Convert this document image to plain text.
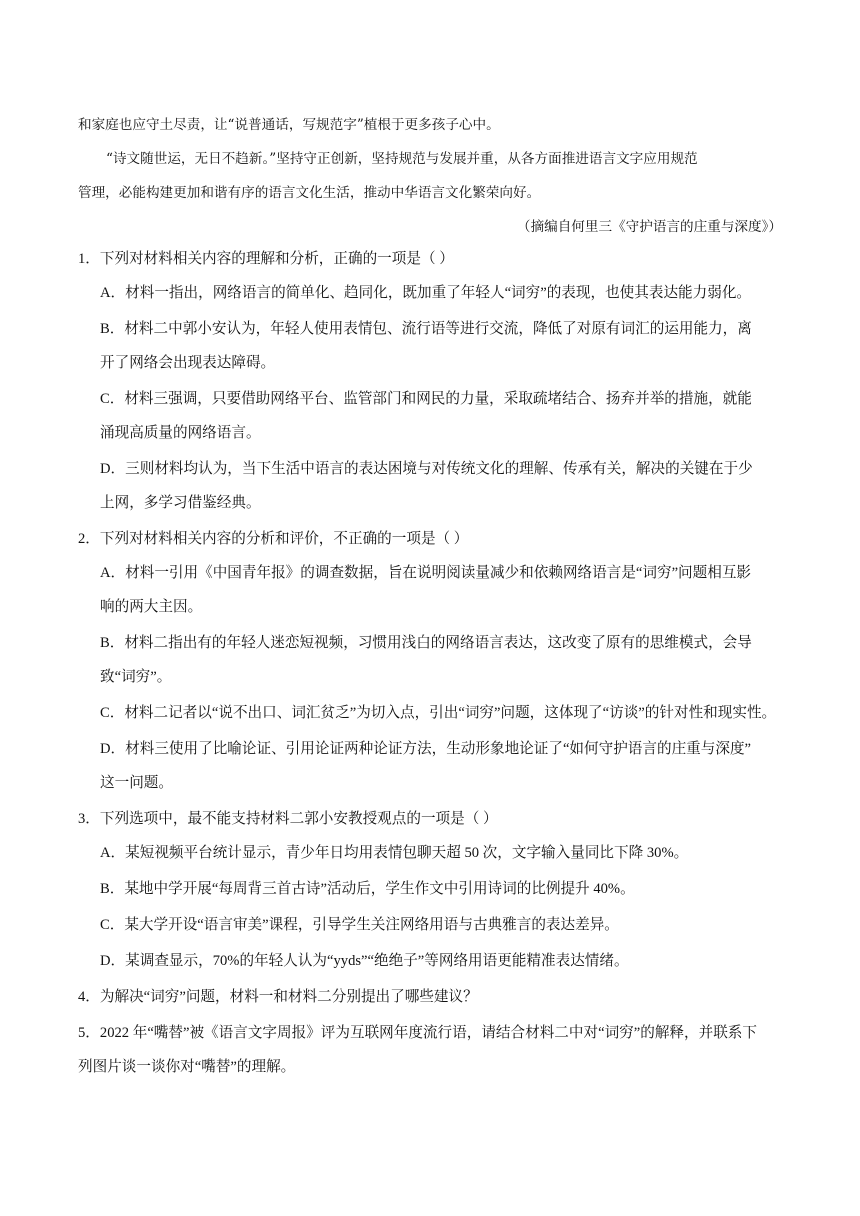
和家庭也应守土尽责，让“说普通话，写规范字”植根于更多孩子心中。

“诗文随世运，无日不趋新。”坚持守正创新，坚持规范与发展并重，从各方面推进语言文字应用规范

管理，必能构建更加和谐有序的语言文化生活，推动中华语言文化繁荣向好。

（摘编自何里三《守护语言的庄重与深度》）

1．下列对材料相关内容的理解和分析，正确的一项是（ ）
A．材料一指出，网络语言的简单化、趋同化，既加重了年轻人“词穷”的表现，也使其表达能力弱化。
B．材料二中郭小安认为，年轻人使用表情包、流行语等进行交流，降低了对原有词汇的运用能力，离
开了网络会出现表达障碍。
C．材料三强调，只要借助网络平台、监管部门和网民的力量，采取疏堵结合、扬弃并举的措施，就能
涌现高质量的网络语言。
D．三则材料均认为，当下生活中语言的表达困境与对传统文化的理解、传承有关，解决的关键在于少
上网，多学习借鉴经典。
2．下列对材料相关内容的分析和评价，不正确的一项是（ ）
A．材料一引用《中国青年报》的调查数据，旨在说明阅读量减少和依赖网络语言是“词穷”问题相互影
响的两大主因。
B．材料二指出有的年轻人迷恋短视频，习惯用浅白的网络语言表达，这改变了原有的思维模式，会导
致“词穷”。
C．材料二记者以“说不出口、词汇贫乏”为切入点，引出“词穷”问题，这体现了“访谈”的针对性和现实性。
D．材料三使用了比喻论证、引用论证两种论证方法，生动形象地论证了“如何守护语言的庄重与深度”
这一问题。
3．下列选项中，最不能支持材料二郭小安教授观点的一项是（ ）
A．某短视频平台统计显示，青少年日均用表情包聊天超 50 次，文字输入量同比下降 30%。
B．某地中学开展“每周背三首古诗”活动后，学生作文中引用诗词的比例提升 40%。
C．某大学开设“语言审美”课程，引导学生关注网络用语与古典雅言的表达差异。
D．某调查显示，70%的年轻人认为“yyds”“绝绝子”等网络用语更能精准表达情绪。
4．为解决“词穷”问题，材料一和材料二分别提出了哪些建议？
5．2022 年“嘴替”被《语言文字周报》评为互联网年度流行语，请结合材料二中对“词穷”的解释，并联系下
列图片谈一谈你对“嘴替”的理解。
